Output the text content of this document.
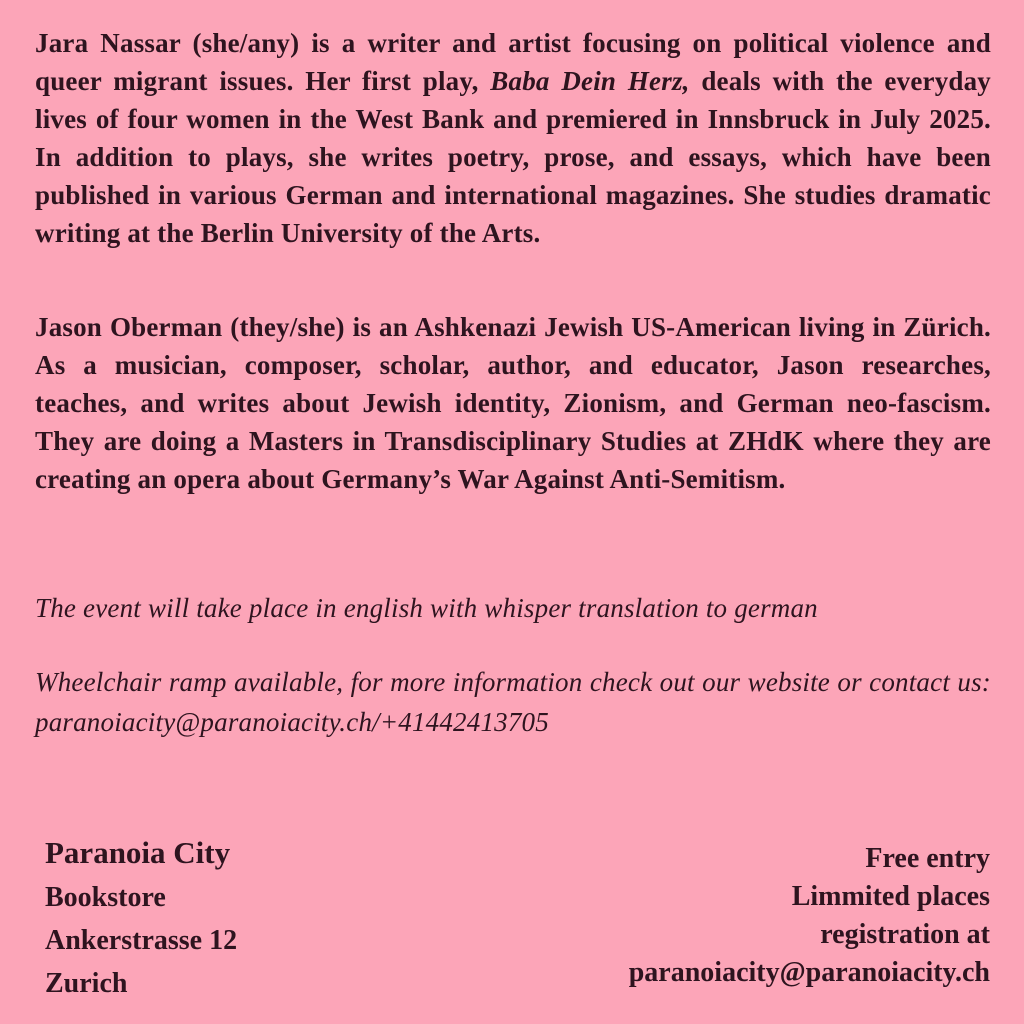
Jara Nassar (she/any) is a writer and artist focusing on political violence and queer migrant issues. Her first play, Baba Dein Herz, deals with the everyday lives of four women in the West Bank and premiered in Innsbruck in July 2025. In addition to plays, she writes poetry, prose, and essays, which have been published in various German and international magazines. She studies dramatic writing at the Berlin University of the Arts.

Jason Oberman (they/she) is an Ashkenazi Jewish US-American living in Zürich. As a musician, composer, scholar, author, and educator, Jason researches, teaches, and writes about Jewish identity, Zionism, and German neo-fascism. They are doing a Masters in Transdisciplinary Studies at ZHdK where they are creating an opera about Germany’s War Against Anti-Semitism.

The event will take place in english with whisper translation to german

Wheelchair ramp available, for more information check out our website or contact us: paranoiacity@paranoiacity.ch/+41442413705

Paranoia City
Bookstore
Ankerstrasse 12
Zurich
Free entry
Limmited places
registration at
paranoiacity@paranoiacity.ch
